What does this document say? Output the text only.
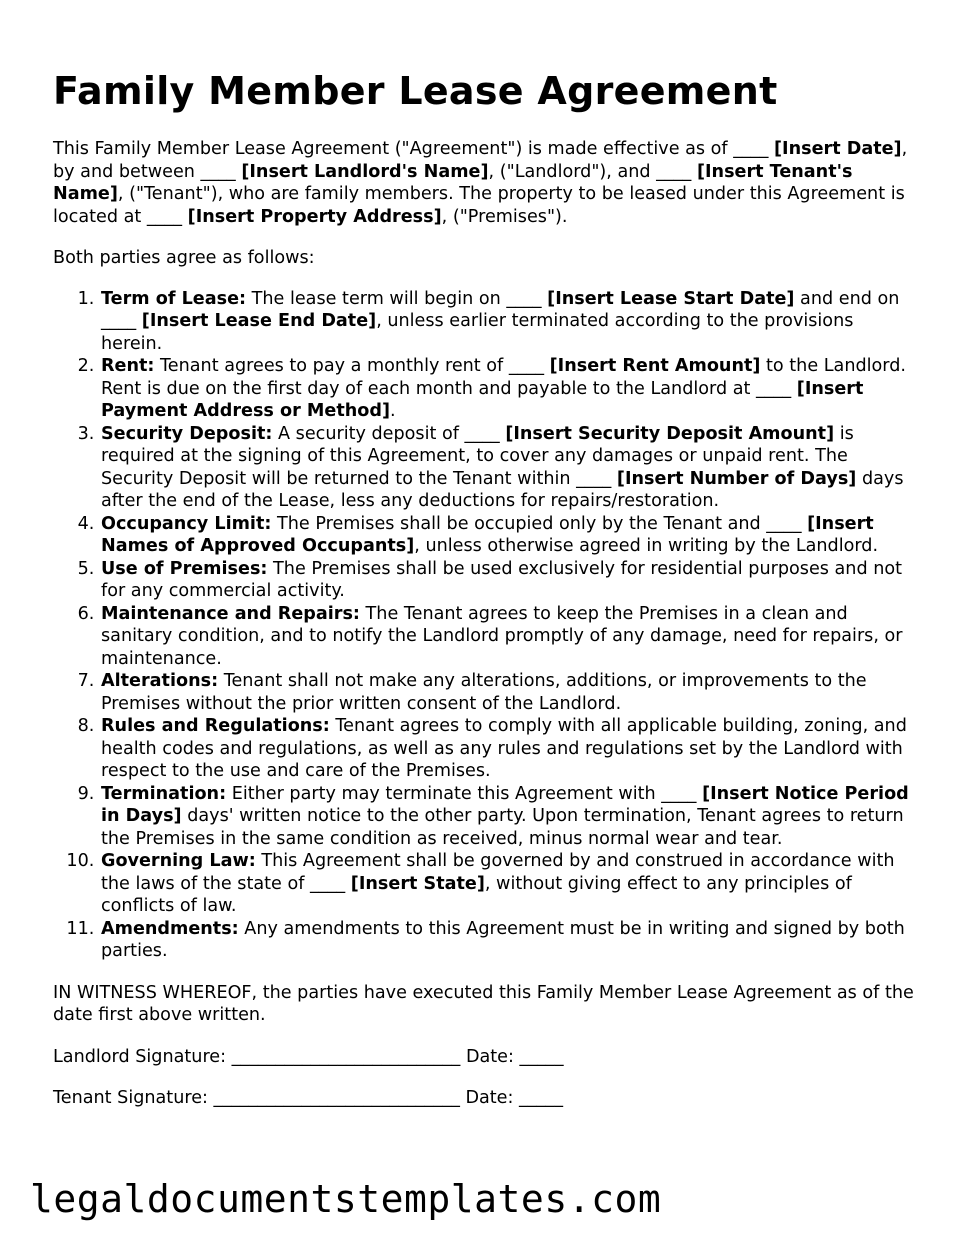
Family Member Lease Agreement

This Family Member Lease Agreement ("Agreement") is made effective as of ____ [Insert Date], by and between ____ [Insert Landlord's Name], ("Landlord"), and ____ [Insert Tenant's Name], ("Tenant"), who are family members. The property to be leased under this Agreement is located at ____ [Insert Property Address], ("Premises").

Both parties agree as follows:

1. Term of Lease: The lease term will begin on ____ [Insert Lease Start Date] and end on ____ [Insert Lease End Date], unless earlier terminated according to the provisions herein.
2. Rent: Tenant agrees to pay a monthly rent of ____ [Insert Rent Amount] to the Landlord. Rent is due on the first day of each month and payable to the Landlord at ____ [Insert Payment Address or Method].
3. Security Deposit: A security deposit of ____ [Insert Security Deposit Amount] is required at the signing of this Agreement, to cover any damages or unpaid rent. The Security Deposit will be returned to the Tenant within ____ [Insert Number of Days] days after the end of the Lease, less any deductions for repairs/restoration.
4. Occupancy Limit: The Premises shall be occupied only by the Tenant and ____ [Insert Names of Approved Occupants], unless otherwise agreed in writing by the Landlord.
5. Use of Premises: The Premises shall be used exclusively for residential purposes and not for any commercial activity.
6. Maintenance and Repairs: The Tenant agrees to keep the Premises in a clean and sanitary condition, and to notify the Landlord promptly of any damage, need for repairs, or maintenance.
7. Alterations: Tenant shall not make any alterations, additions, or improvements to the Premises without the prior written consent of the Landlord.
8. Rules and Regulations: Tenant agrees to comply with all applicable building, zoning, and health codes and regulations, as well as any rules and regulations set by the Landlord with respect to the use and care of the Premises.
9. Termination: Either party may terminate this Agreement with ____ [Insert Notice Period in Days] days' written notice to the other party. Upon termination, Tenant agrees to return the Premises in the same condition as received, minus normal wear and tear.
10. Governing Law: This Agreement shall be governed by and construed in accordance with the laws of the state of ____ [Insert State], without giving effect to any principles of conflicts of law.
11. Amendments: Any amendments to this Agreement must be in writing and signed by both parties.

IN WITNESS WHEREOF, the parties have executed this Family Member Lease Agreement as of the date first above written.

Landlord Signature: __________________________ Date: _____

Tenant Signature: ____________________________ Date: _____

legaldocumentstemplates.com
